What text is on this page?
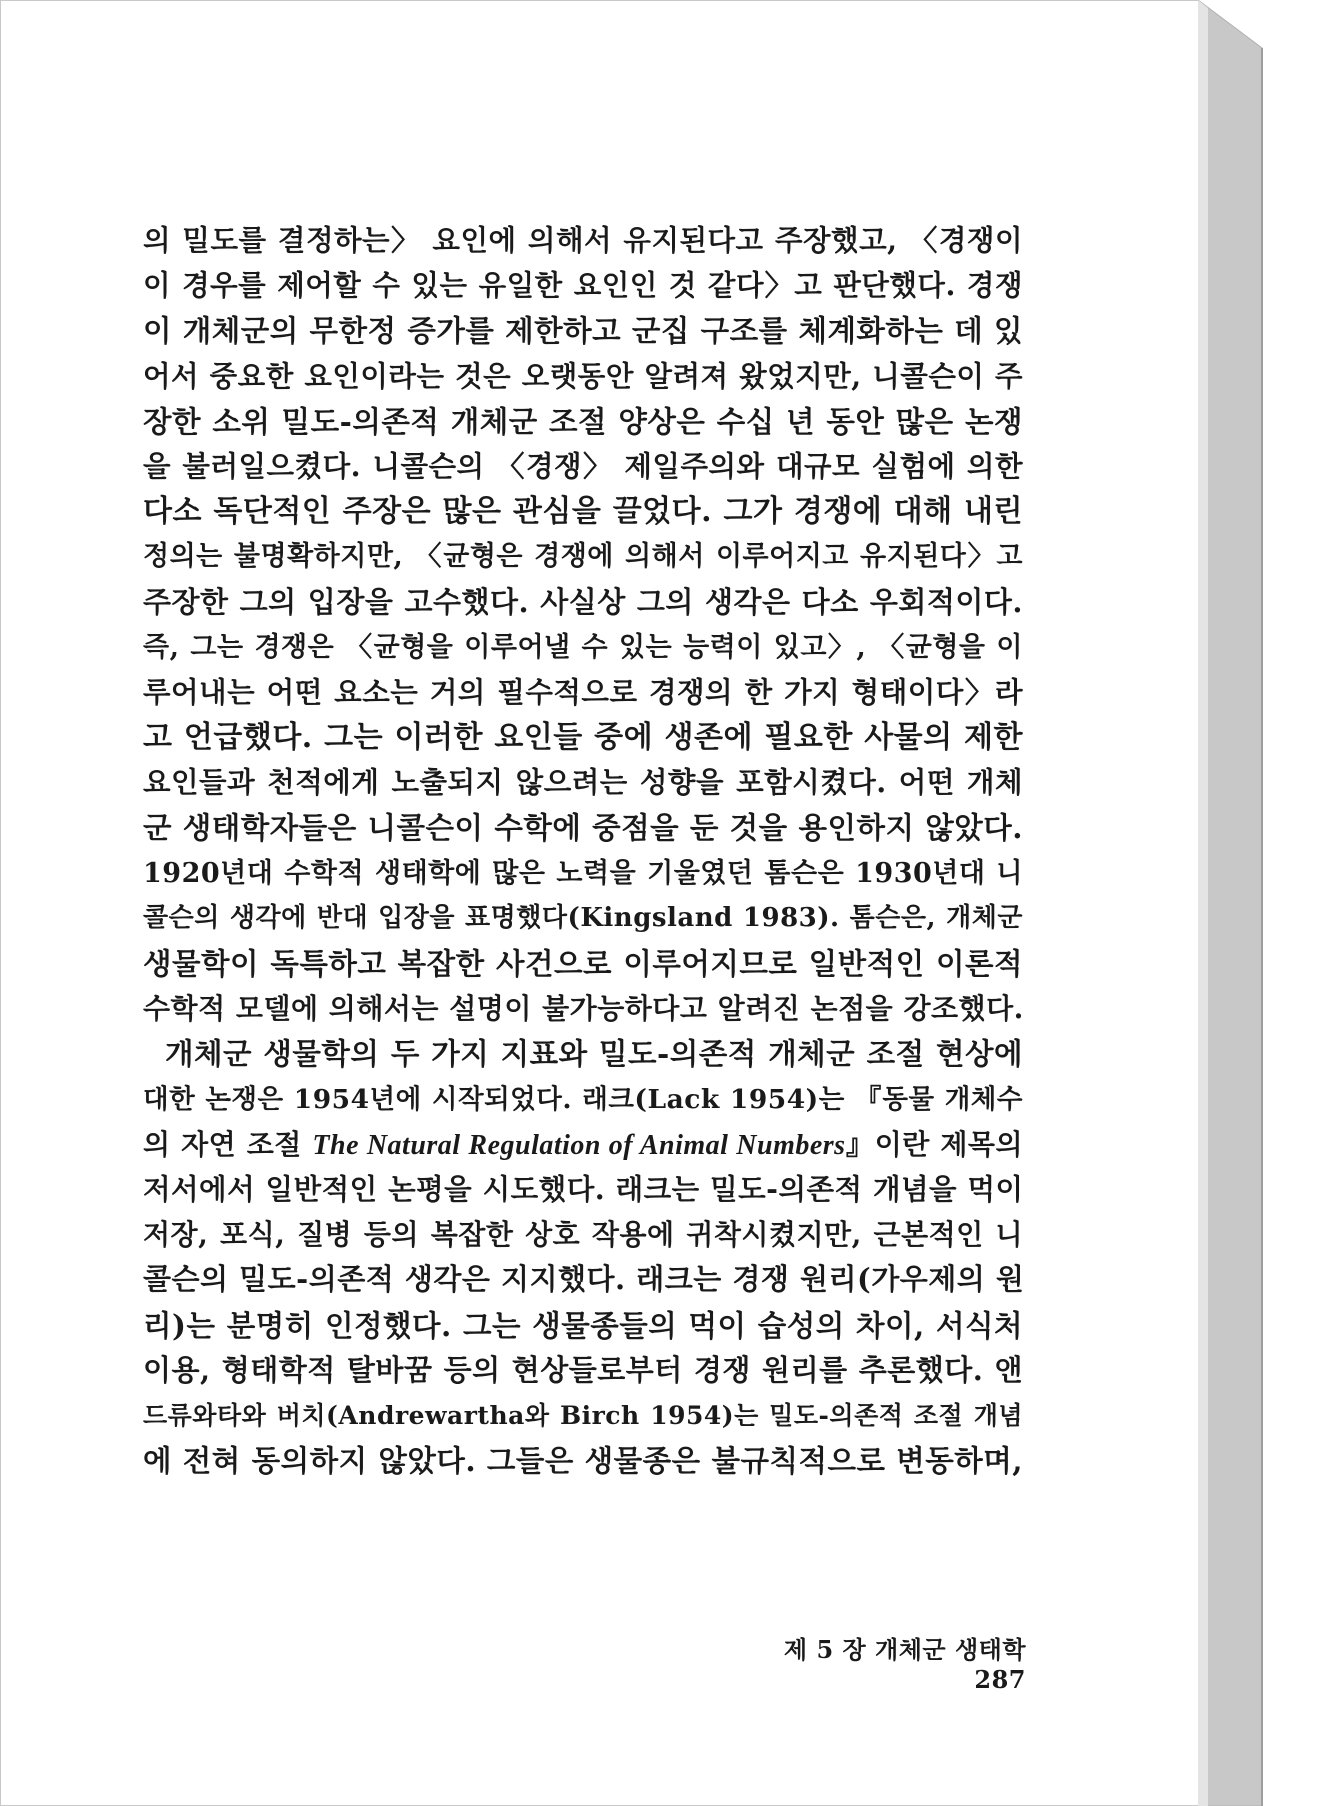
의 밀도를 결정하는〉 요인에 의해서 유지된다고 주장했고, 〈경쟁이
이 경우를 제어할 수 있는 유일한 요인인 것 같다〉고 판단했다. 경쟁
이 개체군의 무한정 증가를 제한하고 군집 구조를 체계화하는 데 있
어서 중요한 요인이라는 것은 오랫동안 알려져 왔었지만, 니콜슨이 주
장한 소위 밀도-의존적 개체군 조절 양상은 수십 년 동안 많은 논쟁
을 불러일으켰다. 니콜슨의 〈경쟁〉 제일주의와 대규모 실험에 의한
다소 독단적인 주장은 많은 관심을 끌었다. 그가 경쟁에 대해 내린
정의는 불명확하지만, 〈균형은 경쟁에 의해서 이루어지고 유지된다〉고
주장한 그의 입장을 고수했다. 사실상 그의 생각은 다소 우회적이다.
즉, 그는 경쟁은 〈균형을 이루어낼 수 있는 능력이 있고〉, 〈균형을 이
루어내는 어떤 요소는 거의 필수적으로 경쟁의 한 가지 형태이다〉라
고 언급했다. 그는 이러한 요인들 중에 생존에 필요한 사물의 제한
요인들과 천적에게 노출되지 않으려는 성향을 포함시켰다. 어떤 개체
군 생태학자들은 니콜슨이 수학에 중점을 둔 것을 용인하지 않았다.
1920년대 수학적 생태학에 많은 노력을 기울였던 톰슨은 1930년대 니
콜슨의 생각에 반대 입장을 표명했다(Kingsland 1983). 톰슨은, 개체군
생물학이 독특하고 복잡한 사건으로 이루어지므로 일반적인 이론적
수학적 모델에 의해서는 설명이 불가능하다고 알려진 논점을 강조했다.
개체군 생물학의 두 가지 지표와 밀도-의존적 개체군 조절 현상에
대한 논쟁은 1954년에 시작되었다. 래크(Lack 1954)는 『동물 개체수
의 자연 조절 The Natural Regulation of Animal Numbers』이란 제목의
저서에서 일반적인 논평을 시도했다. 래크는 밀도-의존적 개념을 먹이
저장, 포식, 질병 등의 복잡한 상호 작용에 귀착시켰지만, 근본적인 니
콜슨의 밀도-의존적 생각은 지지했다. 래크는 경쟁 원리(가우제의 원
리)는 분명히 인정했다. 그는 생물종들의 먹이 습성의 차이, 서식처
이용, 형태학적 탈바꿈 등의 현상들로부터 경쟁 원리를 추론했다. 앤
드류와타와 버치(Andrewartha와 Birch 1954)는 밀도-의존적 조절 개념
에 전혀 동의하지 않았다. 그들은 생물종은 불규칙적으로 변동하며,
제 5 장 개체군 생태학287
